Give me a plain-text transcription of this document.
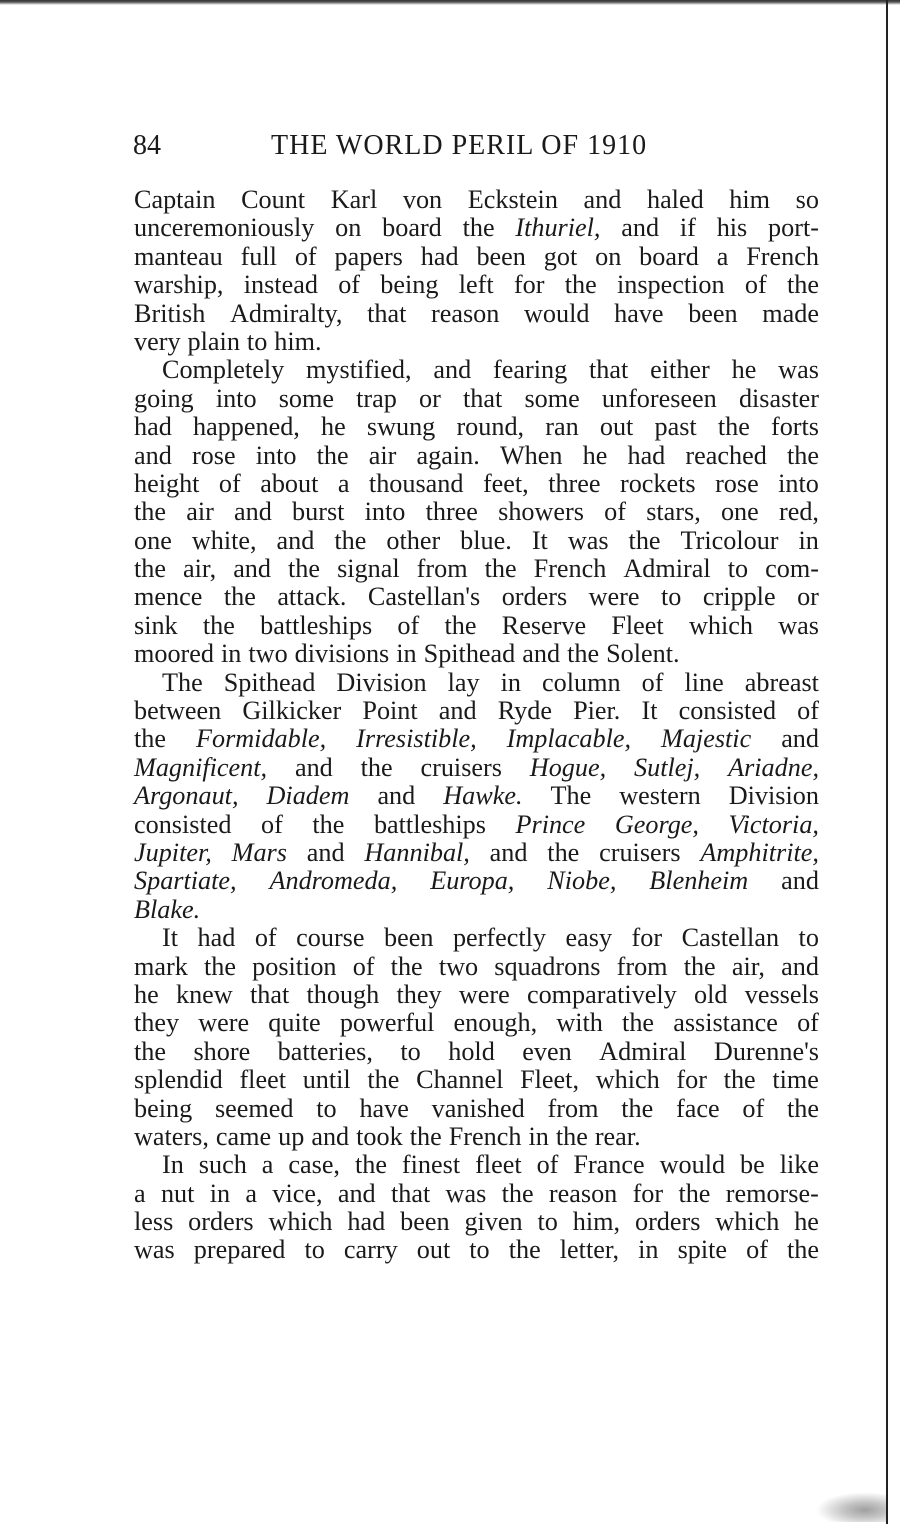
84	THE WORLD PERIL OF 1910
Captain Count Karl von Eckstein and haled him so
unceremoniously on board the Ithuriel, and if his port-
manteau full of papers had been got on board a French
warship, instead of being left for the inspection of the
British Admiralty, that reason would have been made
very plain to him.
Completely mystified, and fearing that either he was
going into some trap or that some unforeseen disaster
had happened, he swung round, ran out past the forts
and rose into the air again. When he had reached the
height of about a thousand feet, three rockets rose into
the air and burst into three showers of stars, one red,
one white, and the other blue. It was the Tricolour in
the air, and the signal from the French Admiral to com-
mence the attack. Castellan's orders were to cripple or
sink the battleships of the Reserve Fleet which was
moored in two divisions in Spithead and the Solent.
The Spithead Division lay in column of line abreast
between Gilkicker Point and Ryde Pier. It consisted of
the Formidable, Irresistible, Implacable, Majestic and
Magnificent, and the cruisers Hogue, Sutlej, Ariadne,
Argonaut, Diadem and Hawke. The western Division
consisted of the battleships Prince George, Victoria,
Jupiter, Mars and Hannibal, and the cruisers Amphitrite,
Spartiate, Andromeda, Europa, Niobe, Blenheim and
Blake.
It had of course been perfectly easy for Castellan to
mark the position of the two squadrons from the air, and
he knew that though they were comparatively old vessels
they were quite powerful enough, with the assistance of
the shore batteries, to hold even Admiral Durenne's
splendid fleet until the Channel Fleet, which for the time
being seemed to have vanished from the face of the
waters, came up and took the French in the rear.
In such a case, the finest fleet of France would be like
a nut in a vice, and that was the reason for the remorse-
less orders which had been given to him, orders which he
was prepared to carry out to the letter, in spite of the
